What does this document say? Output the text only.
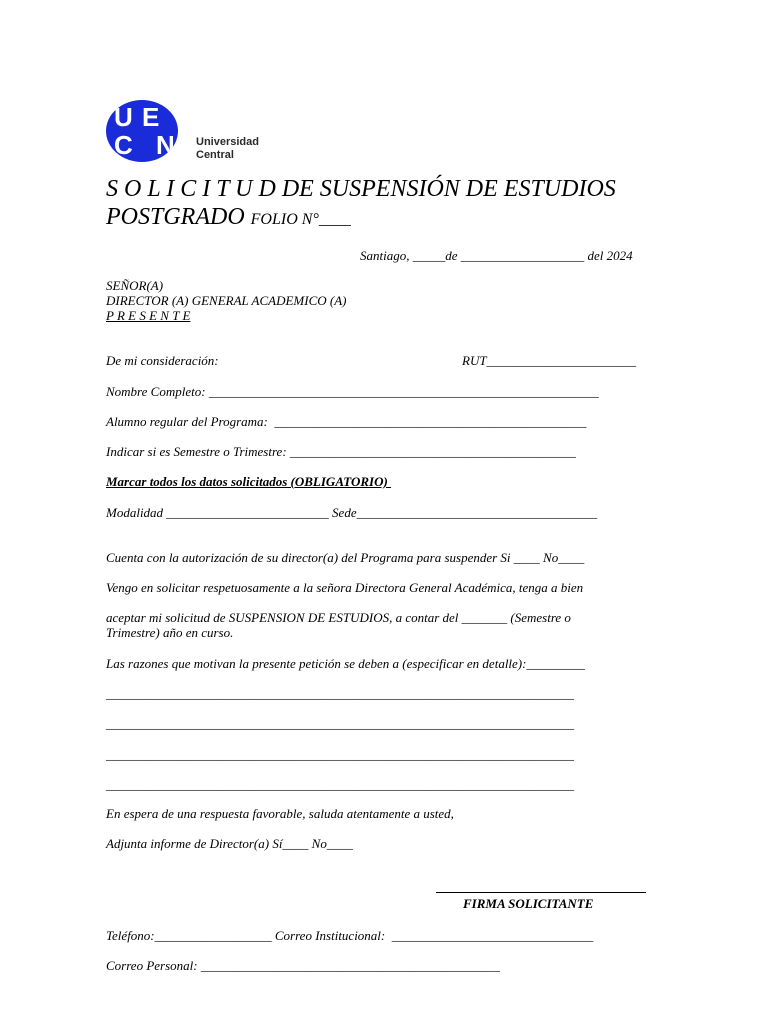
U
C
E
N Universidad
Central
S O L I C I T U D DE SUSPENSIÓN DE ESTUDIOS POSTGRADO FOLIO N°____
Santiago, _____de ___________________ del 2024
SEÑOR(A)
DIRECTOR (A) GENERAL ACADEMICO (A)
P R E S E N T E
De mi consideración:	RUT_______________________
Nombre Completo: ____________________________________________________________
Alumno regular del Programa:  ________________________________________________
Indicar si es Semestre o Trimestre: ____________________________________________
Marcar todos los datos solicitados (OBLIGATORIO)
Modalidad _________________________ Sede_____________________________________
Cuenta con la autorización de su director(a) del Programa para suspender Si ____ No____
Vengo en solicitar respetuosamente a la señora Directora General Académica, tenga a bien
aceptar mi solicitud de SUSPENSION DE ESTUDIOS, a contar del _______ (Semestre o
Trimestre) año en curso.
Las razones que motivan la presente petición se deben a (especificar en detalle):_________
________________________________________________________________________
________________________________________________________________________
________________________________________________________________________
________________________________________________________________________
En espera de una respuesta favorable, saluda atentamente a usted,
Adjunta informe de Director(a) Sí____ No____
FIRMA SOLICITANTE
Teléfono:__________________ Correo Institucional:  _______________________________
Correo Personal: ______________________________________________
